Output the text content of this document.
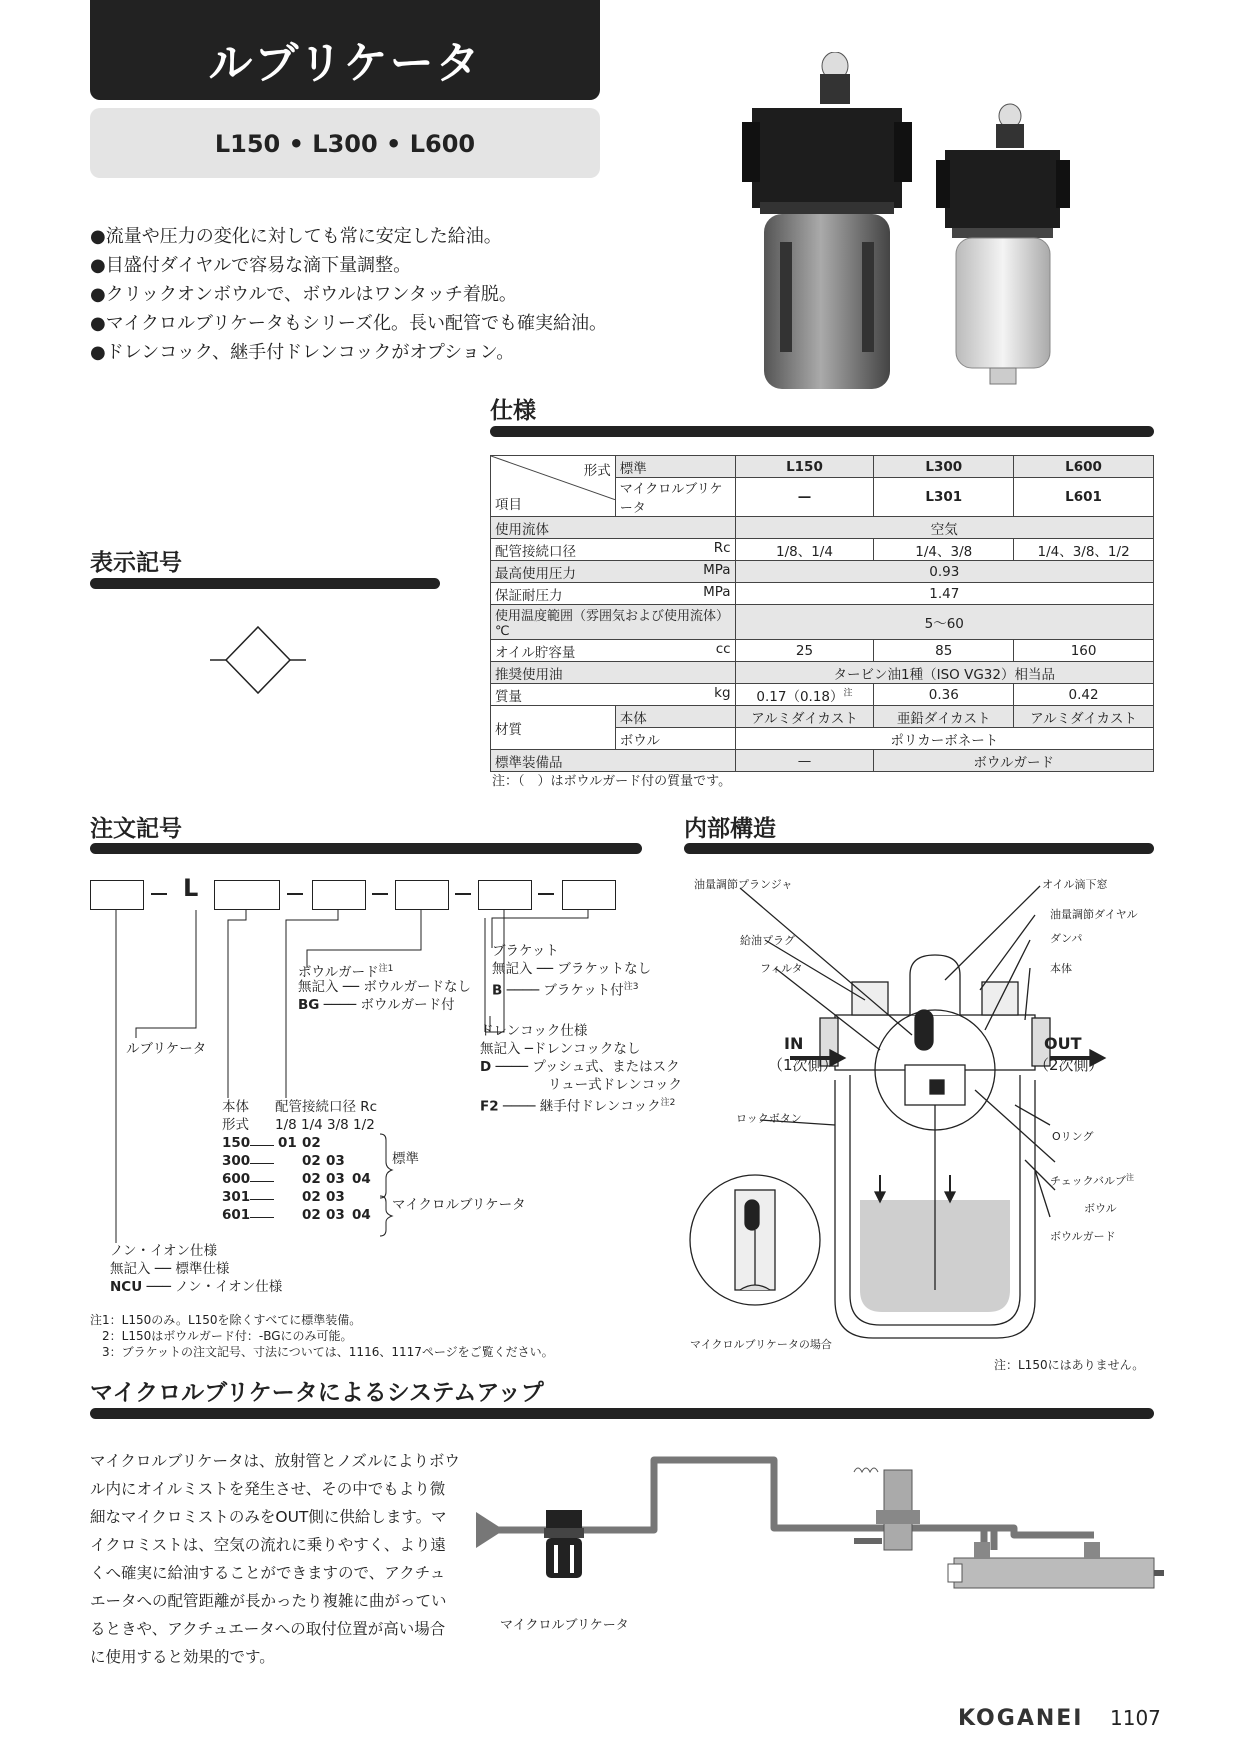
ルブリケータ
L150 • L300 • L600
●流量や圧力の変化に対しても常に安定した給油。
●目盛付ダイヤルで容易な滴下量調整。
●クリックオンボウルで、ボウルはワンタッチ着脱。
●マイクロルブリケータもシリーズ化。長い配管でも確実給油。
●ドレンコック、継手付ドレンコックがオプション。
仕様
形式
項目	標準	L150	L300	L600
	マイクロルブリケータ	—	L301	L601
使用流体		空気		
配管接続口径 Rc		1/8、1/4	1/4、3/8	1/4、3/8、1/2
最高使用圧力 MPa		0.93		
保証耐圧力 MPa		1.47		
使用温度範囲（雰囲気および使用流体）℃		5〜60		
オイル貯容量 cc		25	85	160
推奨使用油		タービン油1種（ISO VG32）相当品		
質量 kg		$0.17(0.18)^注$	0.36	0.42
材質	本体	アルミダイカスト	亜鉛ダイカスト	アルミダイカスト
	ボウル	ポリカーボネート		
標準装備品		—	ボウルガード	
注：（　）はボウルガード付の質量です。
表示記号
注文記号
L
ブラケット
無記入 ── ブラケットなし
B ──── ブラケット付$^{注3}$
ボウルガード$^{注1}$
無記入 ── ボウルガードなし
BG ──── ボウルガード付
ドレンコック仕様
無記入 ─ドレンコックなし
D ──── プッシュ式、またはスク
リュー式ドレンコック
F2 ──── 継手付ドレンコック$^{注2}$
ルブリケータ
本体 配管接続口径 Rc
形式 1/8 1/4 3/8 1/2
150 01 02
300	02 03
600	02 03 04
301	02 03
601	02 03 04
標準
マイクロルブリケータ
ノン・イオン仕様
無記入 ── 標準仕様
NCU ─── ノン・イオン仕様
注1：L150のみ。L150を除くすべてに標準装備。
2：L150はボウルガード付：-BGにのみ可能。
3：ブラケットの注文記号、寸法については、1116、1117ページをご覧ください。
内部構造
油量調節プランジャ	オイル滴下窓
油量調節ダイヤル
給油プラグ	ダンパ
フィルタ	本体
IN
（1次側）
OUT
（2次側）
ロックボタン
Oリング
チェックバルブ$^注$
ボウル
ボウルガード
マイクロルブリケータの場合
注：L150にはありません。
マイクロルブリケータによるシステムアップ
マイクロルブリケータは、放射管とノズルによりボウル内にオイルミストを発生させ、その中でもより微細なマイクロミストのみをOUT側に供給します。マイクロミストは、空気の流れに乗りやすく、より遠くへ確実に給油することができますので、アクチュエータへの配管距離が長かったり複雑に曲がっているときや、アクチュエータへの取付位置が高い場合に使用すると効果的です。
マイクロルブリケータ
KOGANEI 1107
